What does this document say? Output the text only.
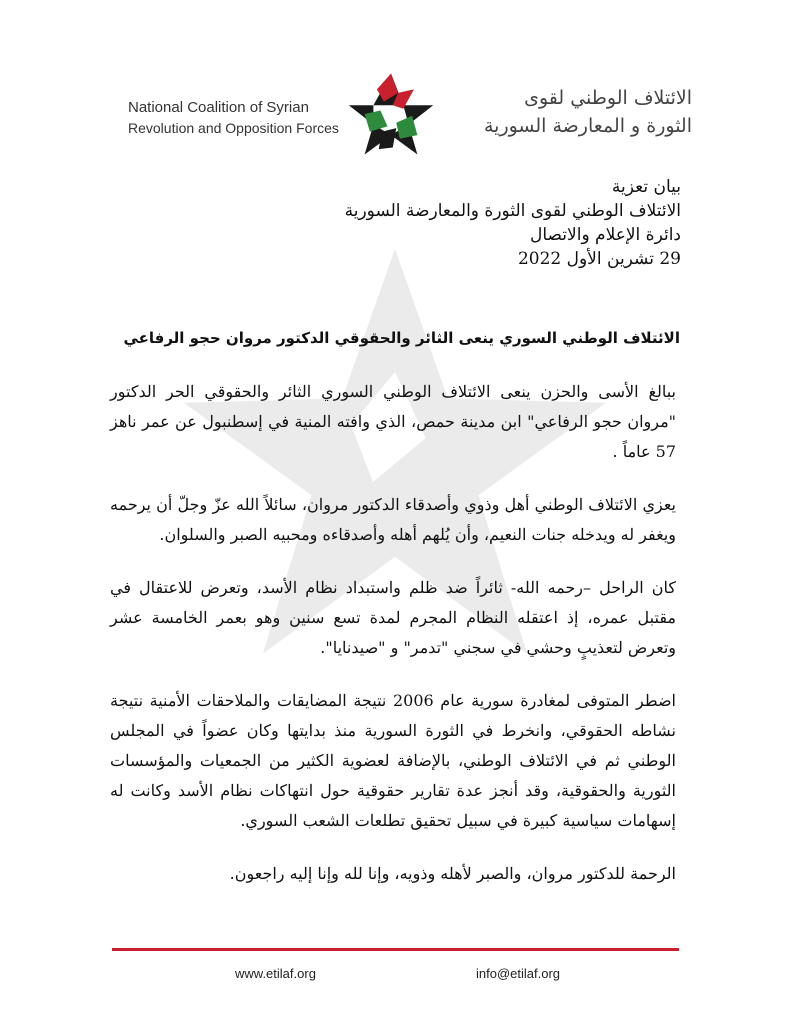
National Coalition of Syrian
Revolution and Opposition Forces
الائتلاف الوطني لقوى
الثورة و المعارضة السورية
بيان تعزية
الائتلاف الوطني لقوى الثورة والمعارضة السورية
دائرة الإعلام والاتصال
29 تشرين الأول 2022
الائتلاف الوطني السوري ينعى الثائر والحقوقي الدكتور مروان حجو الرفاعي

ببالغ الأسى والحزن ينعى الائتلاف الوطني السوري الثائر والحقوقي الحر الدكتور "مروان حجو الرفاعي" ابن مدينة حمص، الذي وافته المنية في إسطنبول عن عمر ناهز 57 عاماً .

يعزي الائتلاف الوطني أهل وذوي وأصدقاء الدكتور مروان، سائلاً الله عزّ وجلّ أن يرحمه ويغفر له ويدخله جنات النعيم، وأن يُلهم أهله وأصدقاءه ومحبيه الصبر والسلوان.

كان الراحل –رحمه الله- ثائراً ضد ظلم واستبداد نظام الأسد، وتعرض للاعتقال في مقتبل عمره، إذ اعتقله النظام المجرم لمدة تسع سنين وهو بعمر الخامسة عشر وتعرض لتعذيبٍ وحشي في سجني "تدمر" و "صيدنايا".

اضطر المتوفى لمغادرة سورية عام 2006 نتيجة المضايقات والملاحقات الأمنية نتيجة نشاطه الحقوقي، وانخرط في الثورة السورية منذ بدايتها وكان عضواً في المجلس الوطني ثم في الائتلاف الوطني، بالإضافة لعضوية الكثير من الجمعيات والمؤسسات الثورية والحقوقية، وقد أنجز عدة تقارير حقوقية حول انتهاكات نظام الأسد وكانت له إسهامات سياسية كبيرة في سبيل تحقيق تطلعات الشعب السوري.

الرحمة للدكتور مروان، والصبر لأهله وذويه، وإنا لله وإنا إليه راجعون.

www.etilaf.org	info@etilaf.org
